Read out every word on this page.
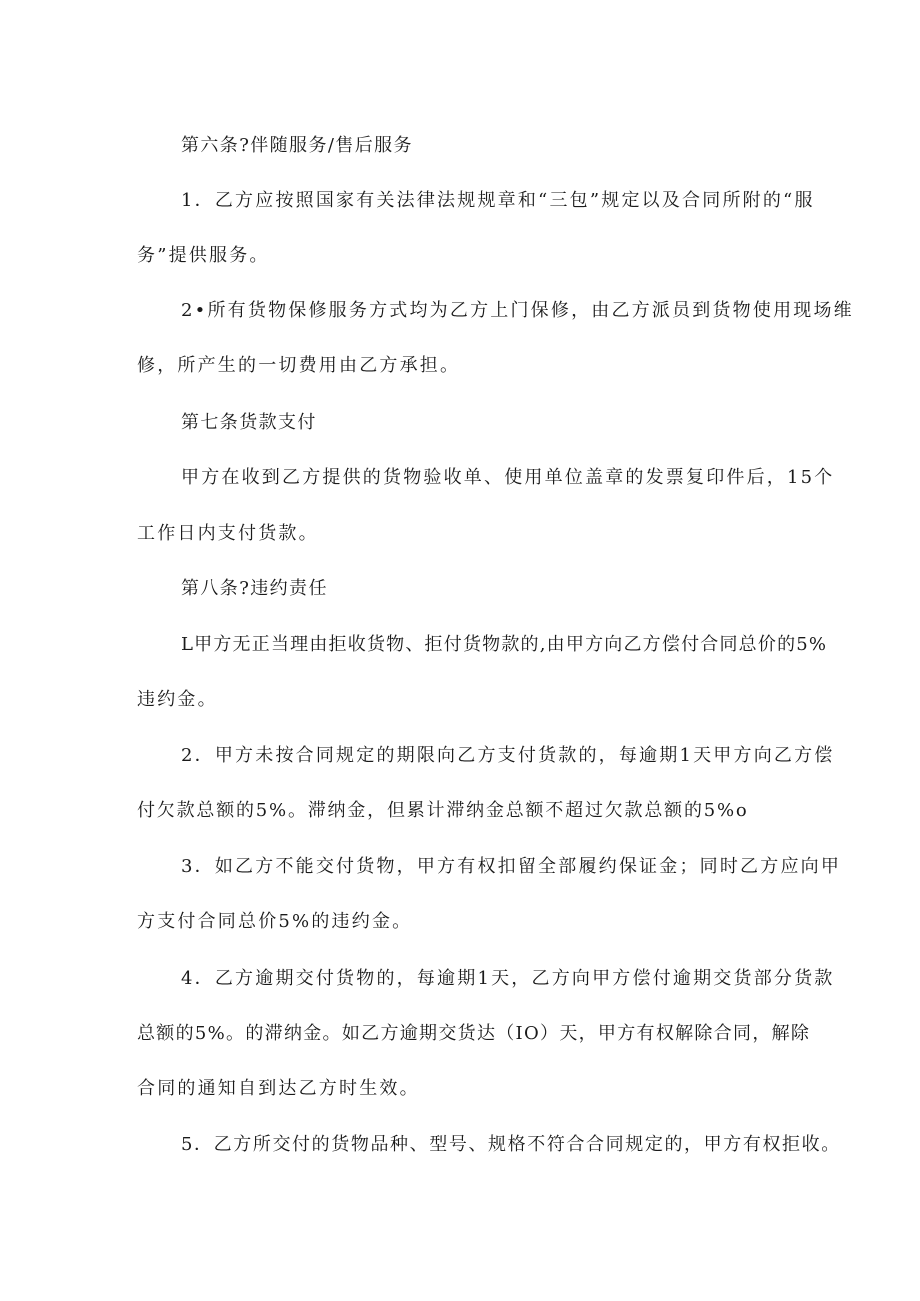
第六条?伴随服务/售后服务
1．乙方应按照国家有关法律法规规章和“三包”规定以及合同所附的“服
务”提供服务。
2•所有货物保修服务方式均为乙方上门保修，由乙方派员到货物使用现场维
修，所产生的一切费用由乙方承担。
第七条货款支付
甲方在收到乙方提供的货物验收单、使用单位盖章的发票复印件后，15个
工作日内支付货款。
第八条?违约责任
L甲方无正当理由拒收货物、拒付货物款的,由甲方向乙方偿付合同总价的5%
违约金。
2．甲方未按合同规定的期限向乙方支付货款的，每逾期1天甲方向乙方偿
付欠款总额的5%。滞纳金，但累计滞纳金总额不超过欠款总额的5%o
3．如乙方不能交付货物，甲方有权扣留全部履约保证金；同时乙方应向甲
方支付合同总价5%的违约金。
4．乙方逾期交付货物的，每逾期1天，乙方向甲方偿付逾期交货部分货款
总额的5%。的滞纳金。如乙方逾期交货达（IO）天，甲方有权解除合同，解除
合同的通知自到达乙方时生效。
5．乙方所交付的货物品种、型号、规格不符合合同规定的，甲方有权拒收。
